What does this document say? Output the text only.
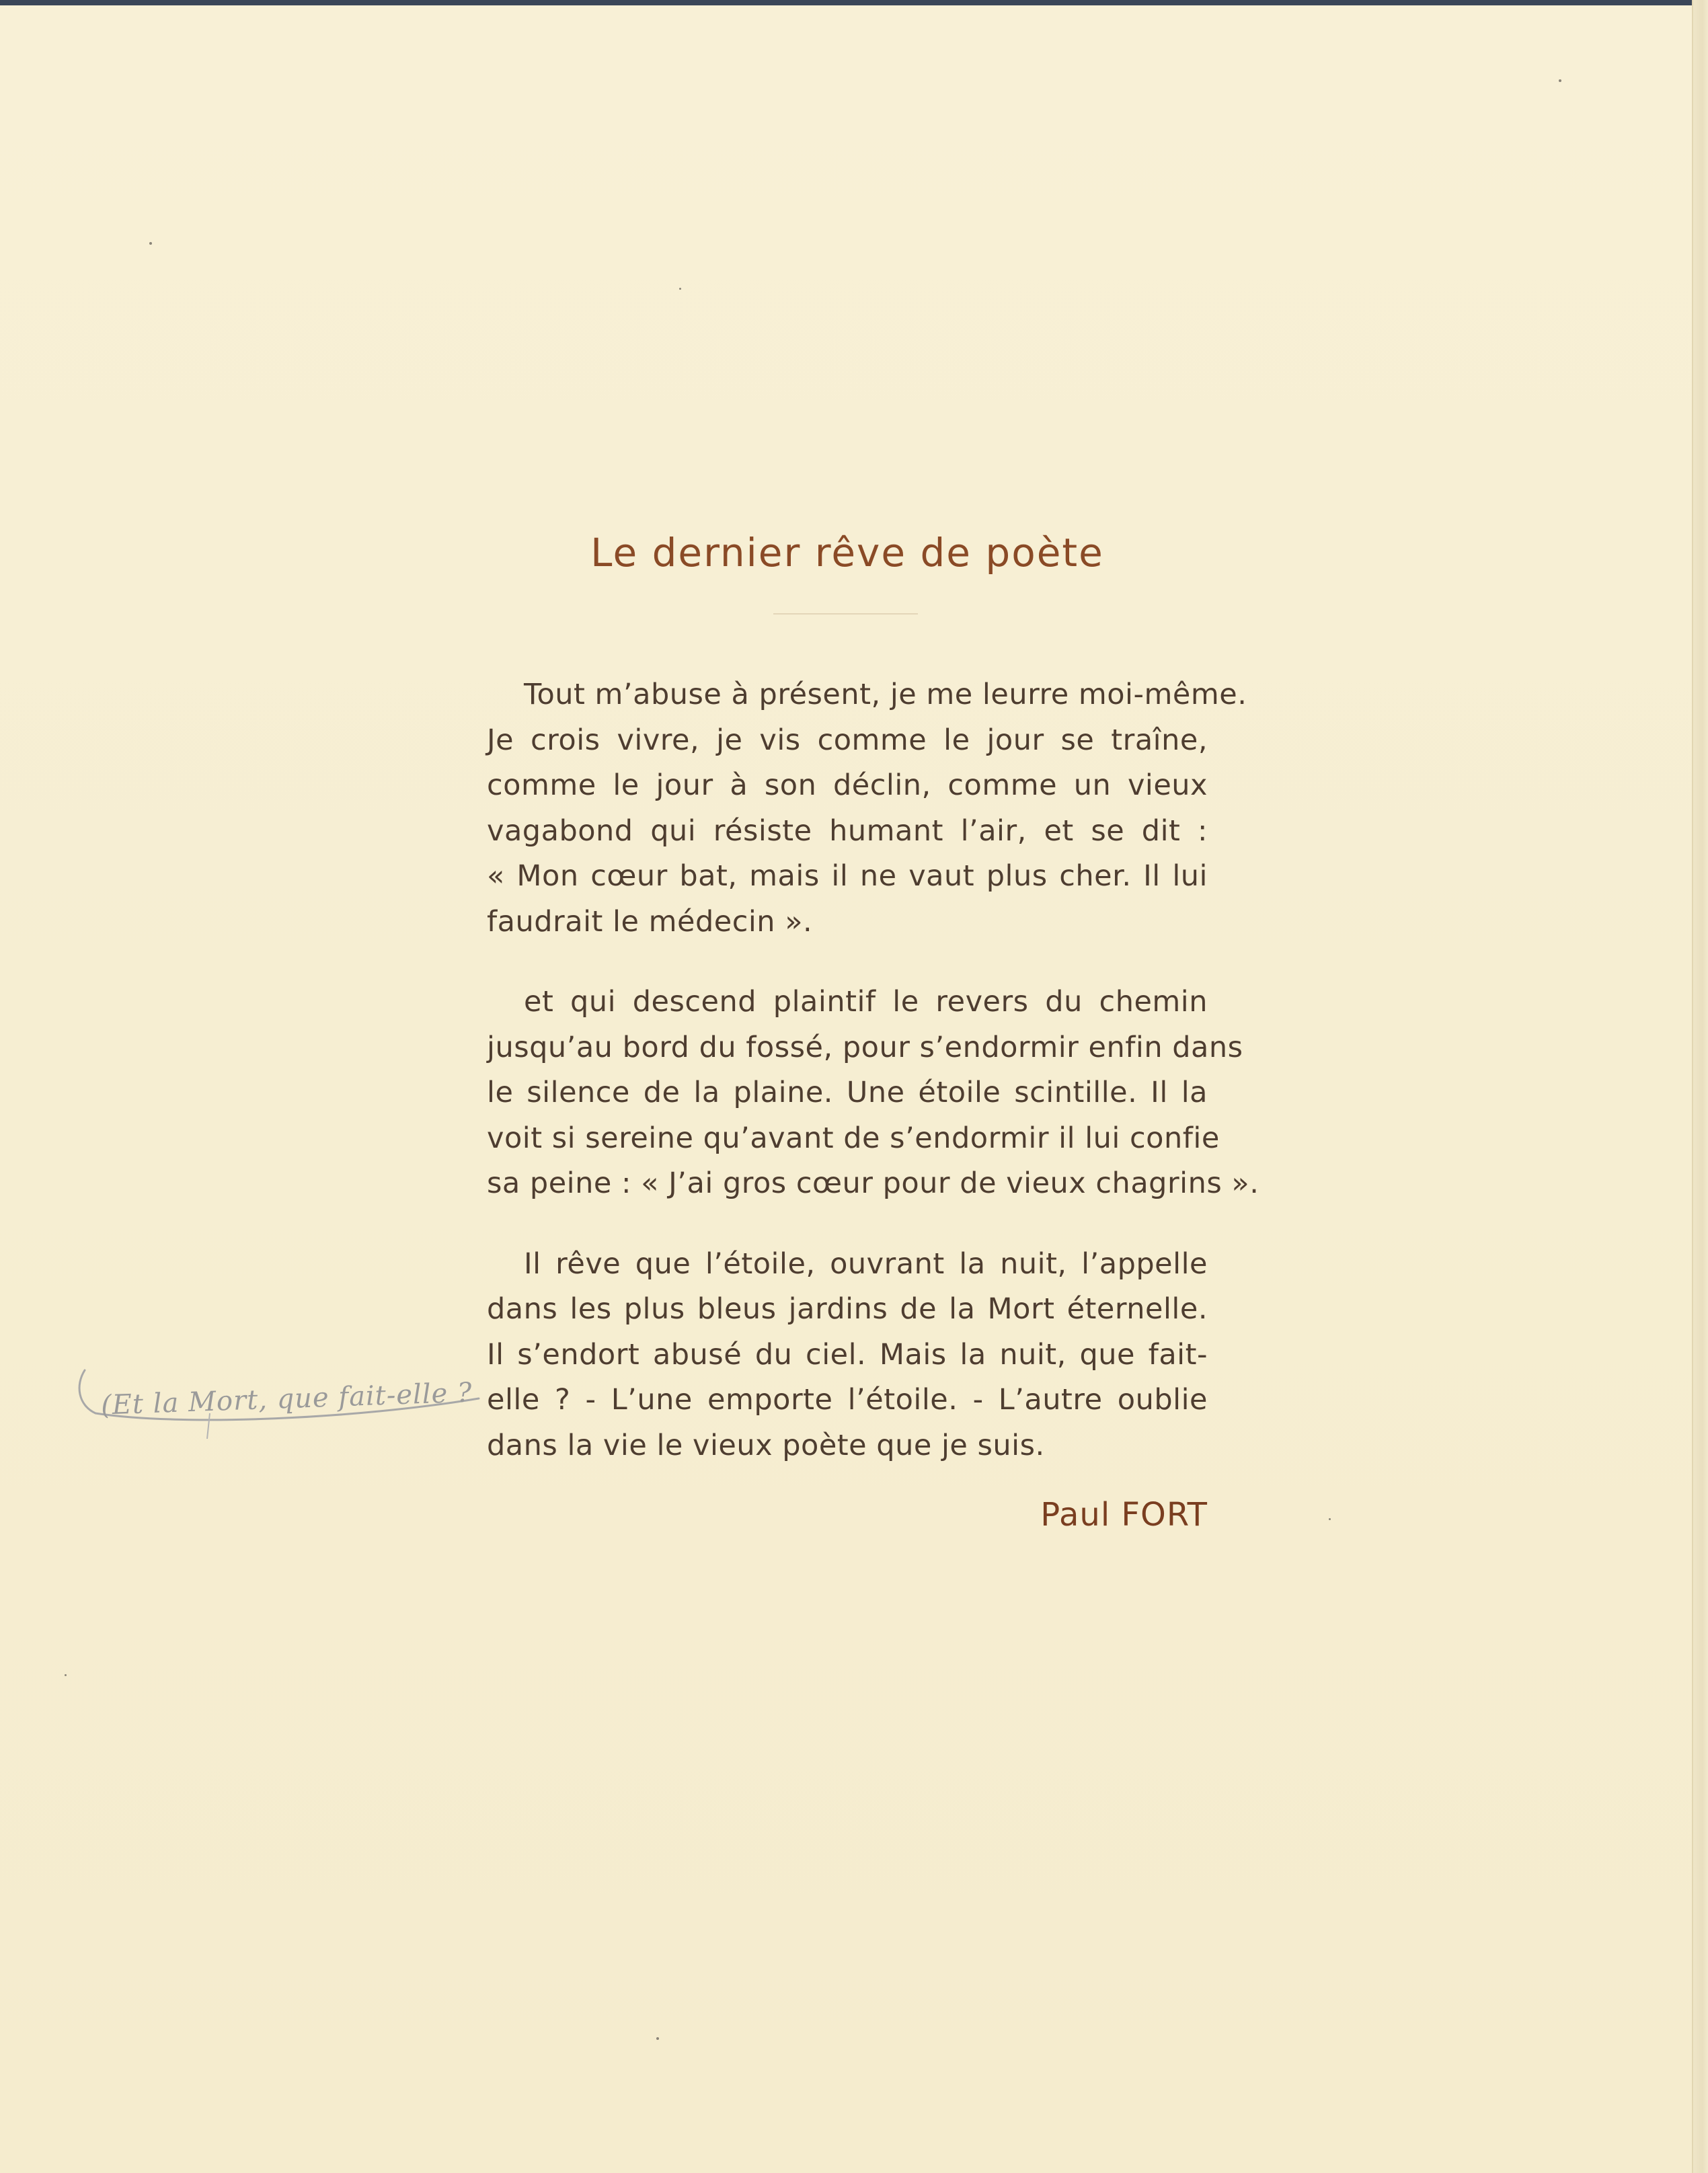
Le dernier rêve de poète
Tout m’abuse à présent, je me leurre moi-même.
Je crois vivre, je vis comme le jour se traîne,
comme le jour à son déclin, comme un vieux
vagabond qui résiste humant l’air, et se dit :
« Mon cœur bat, mais il ne vaut plus cher. Il lui
faudrait le médecin ».
et qui descend plaintif le revers du chemin
jusqu’au bord du fossé, pour s’endormir enfin dans
le silence de la plaine. Une étoile scintille. Il la
voit si sereine qu’avant de s’endormir il lui confie
sa peine : « J’ai gros cœur pour de vieux chagrins ».
Il rêve que l’étoile, ouvrant la nuit, l’appelle
dans les plus bleus jardins de la Mort éternelle.
Il s’endort abusé du ciel. Mais la nuit, que fait-
elle ? - L’une emporte l’étoile. - L’autre oublie
dans la vie le vieux poète que je suis.
Paul FORT
(Et la Mort, que fait-elle ?
